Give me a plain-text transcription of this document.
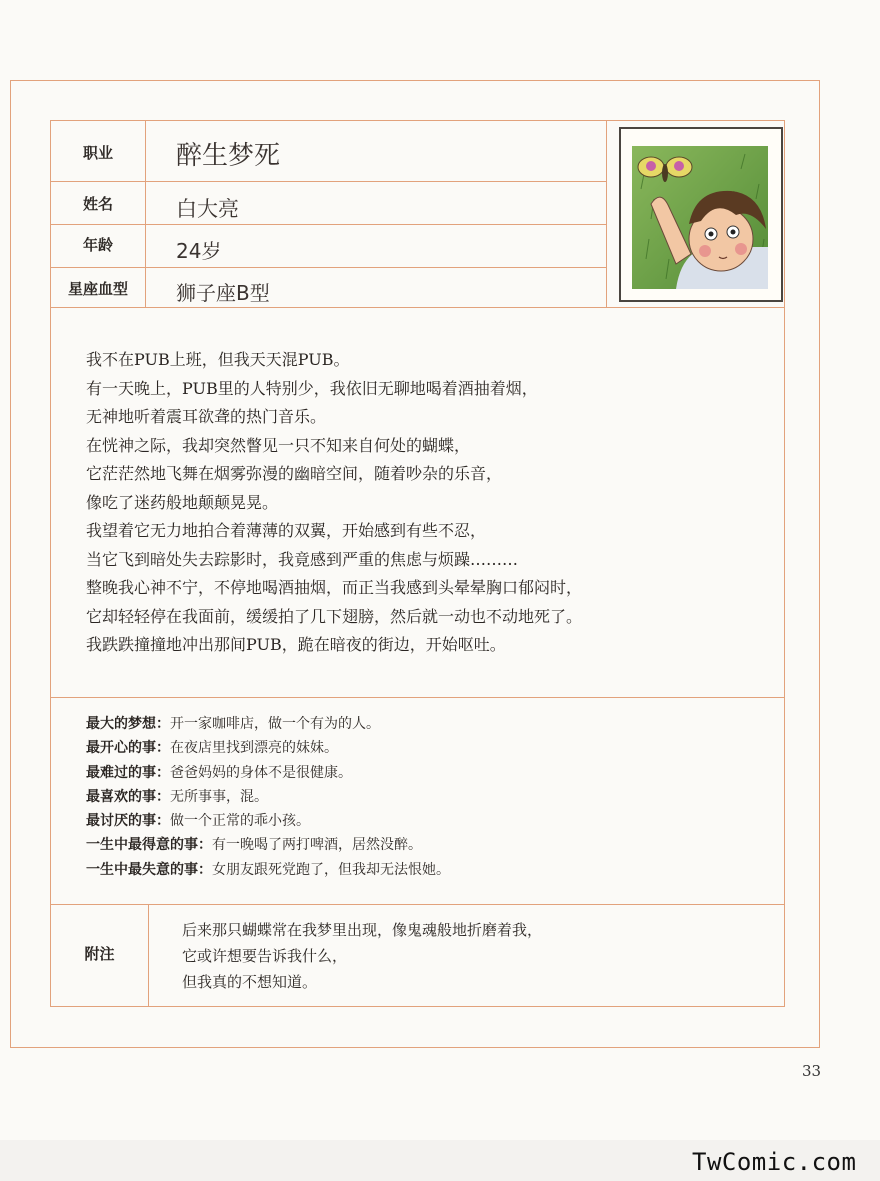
职业	醉生梦死
姓名	白大亮
年龄	24岁
星座血型	狮子座B型

我不在PUB上班，但我天天混PUB。

有一天晚上，PUB里的人特别少，我依旧无聊地喝着酒抽着烟，

无神地听着震耳欲聋的热门音乐。

在恍神之际，我却突然瞥见一只不知来自何处的蝴蝶，

它茫茫然地飞舞在烟雾弥漫的幽暗空间，随着吵杂的乐音，

像吃了迷药般地颠颠晃晃。

我望着它无力地拍合着薄薄的双翼，开始感到有些不忍，

当它飞到暗处失去踪影时，我竟感到严重的焦虑与烦躁………

整晚我心神不宁，不停地喝酒抽烟，而正当我感到头晕晕胸口郁闷时，

它却轻轻停在我面前，缓缓拍了几下翅膀，然后就一动也不动地死了。

我跌跌撞撞地冲出那间PUB，跪在暗夜的街边，开始呕吐。

最大的梦想：开一家咖啡店，做一个有为的人。
最开心的事：在夜店里找到漂亮的妹妹。
最难过的事：爸爸妈妈的身体不是很健康。
最喜欢的事：无所事事，混。
最讨厌的事：做一个正常的乖小孩。
一生中最得意的事：有一晚喝了两打啤酒，居然没醉。
一生中最失意的事：女朋友跟死党跑了，但我却无法恨她。
附注

后来那只蝴蝶常在我梦里出现，像鬼魂般地折磨着我，

它或许想要告诉我什么，

但我真的不想知道。

33
TwComic.com
